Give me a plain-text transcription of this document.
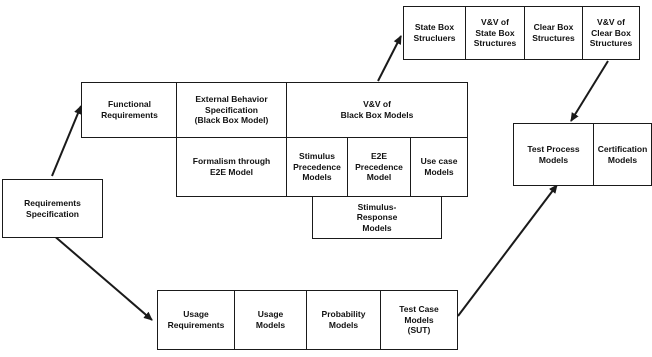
Requirements
Specification
Functional
Requirements
External Behavior
Specification
(Black Box Model)
V&V of
Black Box Models
Formalism through
E2E Model
Stimulus
Precedence
Models
E2E
Precedence
Model
Use case
Models
Stimulus-
Response
Models
State Box
Strucluers
V&V of
State Box
Structures
Clear Box
Structures
V&V of
Clear Box
Structures
Test Process
Models
Certification
Models
Usage
Requirements
Usage
Models
Probability
Models
Test Case
Models
(SUT)
